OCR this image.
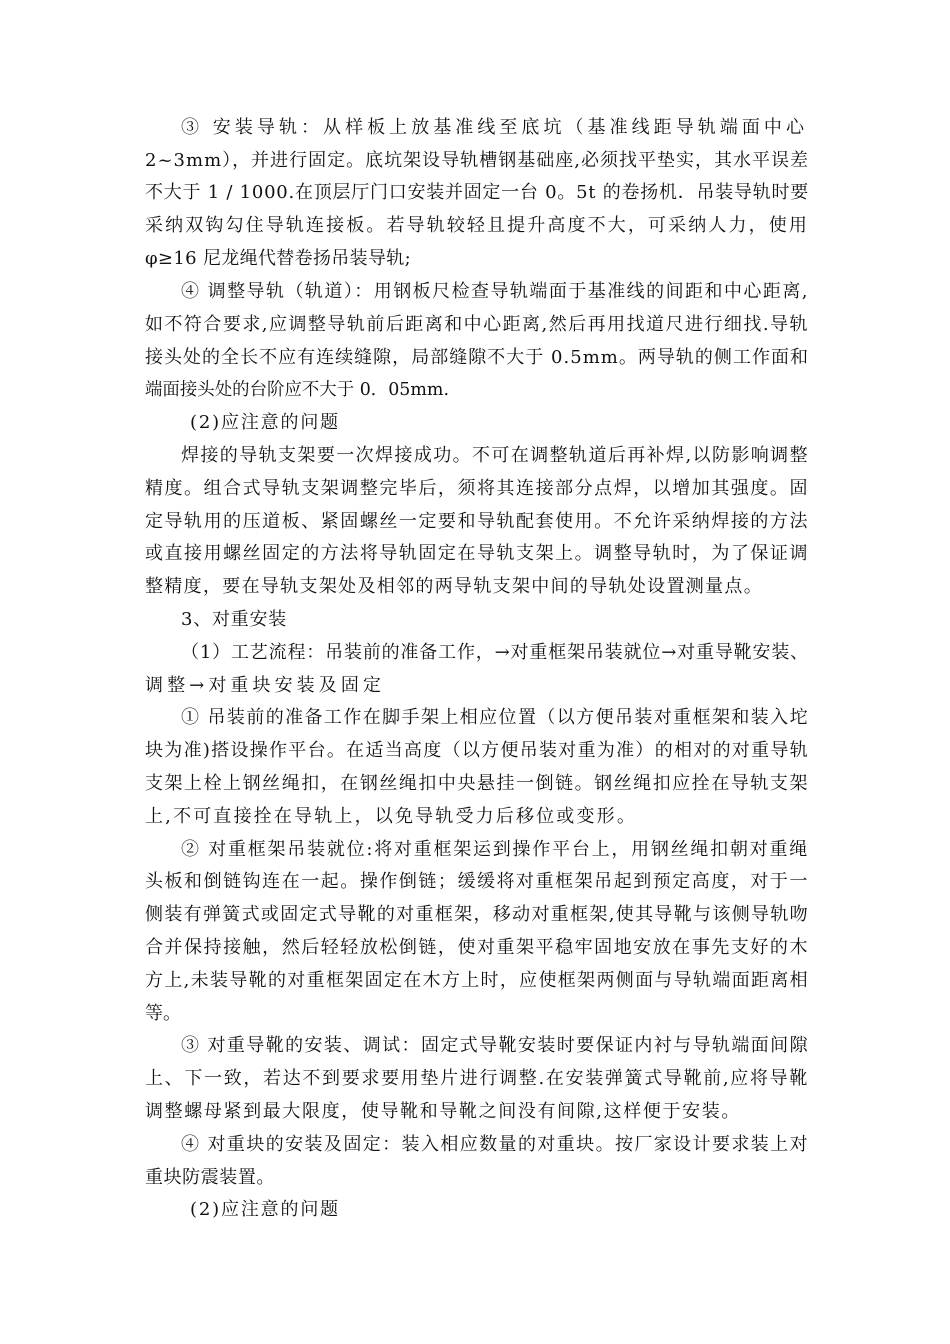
③ 安装导轨：从样板上放基准线至底坑（基准线距导轨端面中心
2~3mm），并进行固定。底坑架设导轨槽钢基础座,必须找平垫实，其水平误差
不大于 1 / 1000.在顶层厅门口安装并固定一台 0。5t 的卷扬机．吊装导轨时要
采纳双钩勾住导轨连接板。若导轨较轻且提升高度不大，可采纳人力，使用
φ≥16 尼龙绳代替卷扬吊装导轨;
④ 调整导轨（轨道）：用钢板尺检查导轨端面于基准线的间距和中心距离,
如不符合要求,应调整导轨前后距离和中心距离,然后再用找道尺进行细找.导轨
接头处的全长不应有连续缝隙，局部缝隙不大于 0.5mm。两导轨的侧工作面和
端面接头处的台阶应不大于 0．05mm.
(2)应注意的问题
焊接的导轨支架要一次焊接成功。不可在调整轨道后再补焊,以防影响调整
精度。组合式导轨支架调整完毕后，须将其连接部分点焊，以增加其强度。固
定导轨用的压道板、紧固螺丝一定要和导轨配套使用。不允许采纳焊接的方法
或直接用螺丝固定的方法将导轨固定在导轨支架上。调整导轨时，为了保证调
整精度，要在导轨支架处及相邻的两导轨支架中间的导轨处设置测量点。
3、对重安装
（1）工艺流程：吊装前的准备工作，→对重框架吊装就位→对重导靴安装、
调整→对重块安装及固定
① 吊装前的准备工作在脚手架上相应位置（以方便吊装对重框架和装入坨
块为准)搭设操作平台。在适当高度（以方便吊装对重为准）的相对的对重导轨
支架上栓上钢丝绳扣，在钢丝绳扣中央悬挂一倒链。钢丝绳扣应拴在导轨支架
上,不可直接拴在导轨上，以免导轨受力后移位或变形。
② 对重框架吊装就位:将对重框架运到操作平台上，用钢丝绳扣朝对重绳
头板和倒链钩连在一起。操作倒链；缓缓将对重框架吊起到预定高度，对于一
侧装有弹簧式或固定式导靴的对重框架，移动对重框架,使其导靴与该侧导轨吻
合并保持接触，然后轻轻放松倒链，使对重架平稳牢固地安放在事先支好的木
方上,未装导靴的对重框架固定在木方上时，应使框架两侧面与导轨端面距离相
等。
③ 对重导靴的安装、调试：固定式导靴安装时要保证内衬与导轨端面间隙
上、下一致，若达不到要求要用垫片进行调整.在安装弹簧式导靴前,应将导靴
调整螺母紧到最大限度，使导靴和导靴之间没有间隙,这样便于安装。
④ 对重块的安装及固定：装入相应数量的对重块。按厂家设计要求装上对
重块防震装置。
(2)应注意的问题
